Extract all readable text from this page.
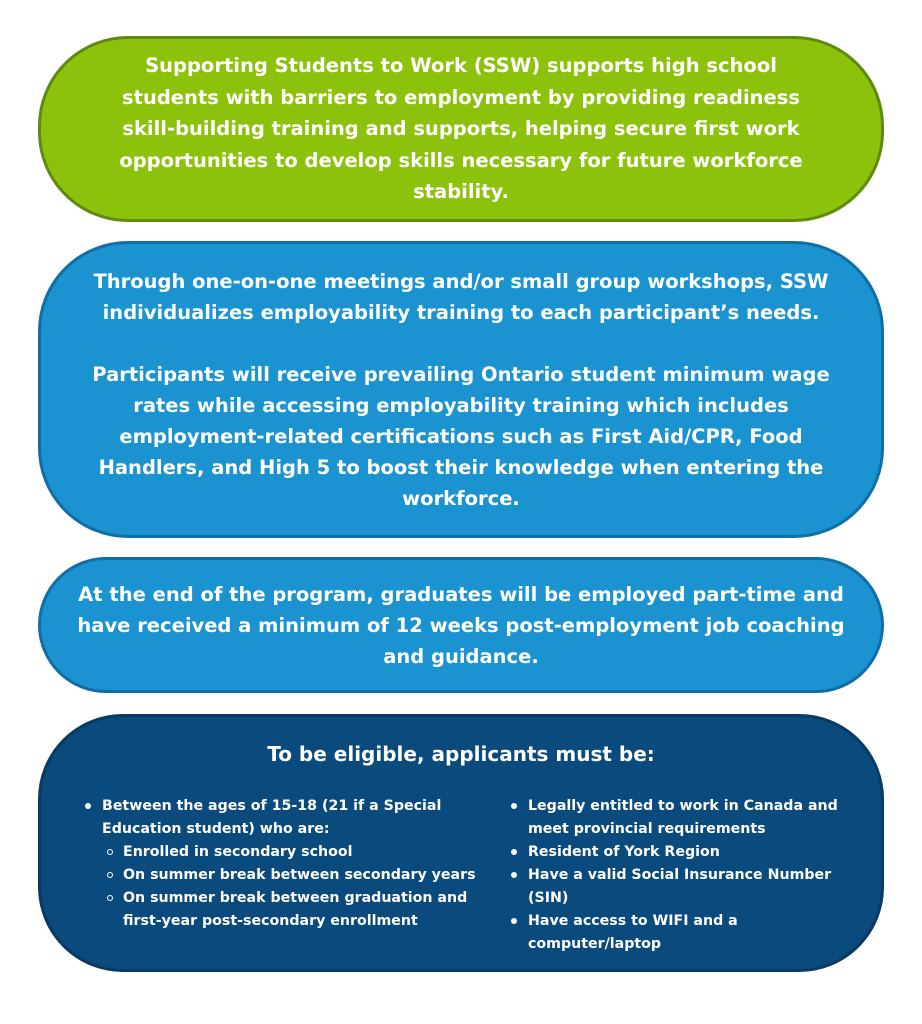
Supporting Students to Work (SSW) supports high school students with barriers to employment by providing readiness skill-building training and supports, helping secure first work opportunities to develop skills necessary for future workforce stability.

Through one-on-one meetings and/or small group workshops, SSW individualizes employability training to each participant’s needs.

Participants will receive prevailing Ontario student minimum wage rates while accessing employability training which includes employment-related certifications such as First Aid/CPR, Food Handlers, and High 5 to boost their knowledge when entering the workforce.

At the end of the program, graduates will be employed part-time and have received a minimum of 12 weeks post-employment job coaching and guidance.

To be eligible, applicants must be:
Between the ages of 15-18 (21 if a Special Education student) who are:
Enrolled in secondary school
On summer break between secondary years
On summer break between graduation and first-year post-secondary enrollment
Legally entitled to work in Canada and meet provincial requirements
Resident of York Region
Have a valid Social Insurance Number (SIN)
Have access to WIFI and a computer/laptop
